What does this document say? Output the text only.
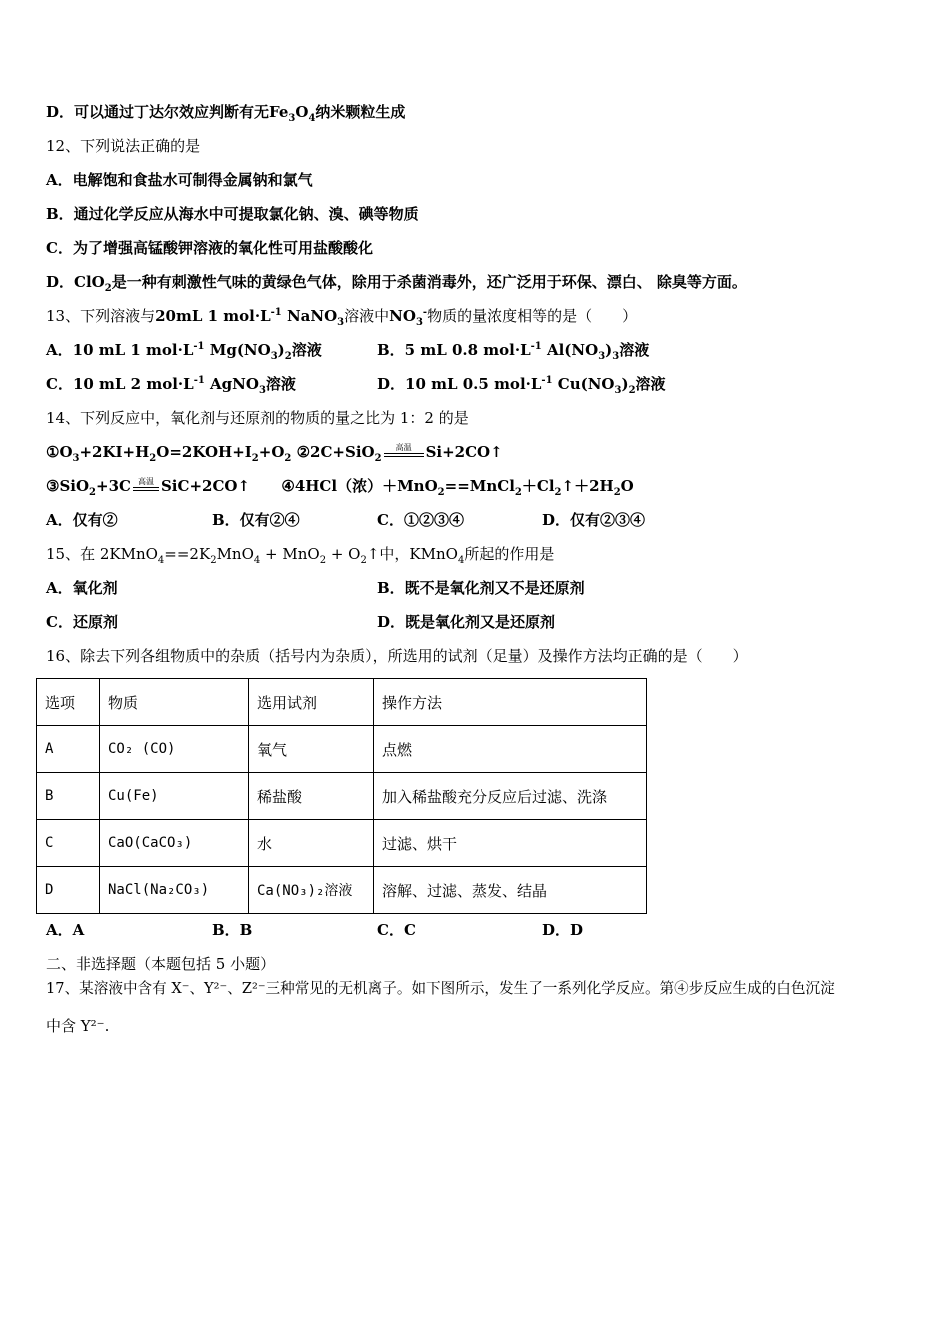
D．可以通过丁达尔效应判断有无$Fe_3O_4$纳米颗粒生成
12、下列说法正确的是
A．电解饱和食盐水可制得金属钠和氯气
B．通过化学反应从海水中可提取氯化钠、溴、碘等物质
C．为了增强高锰酸钾溶液的氧化性可用盐酸酸化
D．ClO$_2$是一种有刺激性气味的黄绿色气体，除用于杀菌消毒外，还广泛用于环保、漂白、 除臭等方面。
13、下列溶液与20mL 1 $mol\cdot L^{-1}$ NaNO$_3$溶液中$NO_3^-$物质的量浓度相等的是（　　）
A．10 mL 1 $mol\cdot L^{-1}$ $Mg(NO_3)_2$溶液	B．5 mL 0.8 $mol\cdot L^{-1}$ $Al(NO_3)_3$溶液
C．10 mL 2 $mol\cdot L^{-1}$ AgNO$_3$溶液	D．10 mL 0.5 $mol\cdot L^{-1}$ $Cu(NO_3)_2$溶液
14、下列反应中，氧化剂与还原剂的物质的量之比为 1：2 的是
$①O_3+2KI+H_2O=2KOH+I_2+O_2$ ②2C+SiO$_2$
高温 Si+2CO↑
③SiO$_2$+3C 高温 SiC+2CO↑ ④4HCl（浓）$+MnO_2==MnCl_2+Cl_2↑+2H_2O$
A．仅有②	B．仅有②④	C．①②③④	D．仅有②③④
15、在 $2KMnO_4==2K_2MnO_4 + MnO_2$ + $O_2↑$中，KMnO$_4$所起的作用是
A．氧化剂	B．既不是氧化剂又不是还原剂
C．还原剂	D．既是氧化剂又是还原剂
16、除去下列各组物质中的杂质（括号内为杂质），所选用的试剂（足量）及操作方法均正确的是（　　）
选项	物质	选用试剂	操作方法
A	CO₂ (CO)	氧气	点燃
B	Cu(Fe)	稀盐酸	加入稀盐酸充分反应后过滤、洗涤
C	CaO(CaCO₃)	水	过滤、烘干
D	NaCl(Na₂CO₃)	Ca(NO₃)₂溶液	溶解、过滤、蒸发、结晶
A．A	B．B	C．C	D．D
二、非选择题（本题包括 5 小题）
17、某溶液中含有 X⁻、Y²⁻、Z²⁻三种常见的无机离子。如下图所示，发生了一系列化学反应。第④步反应生成的白色沉淀
中含 Y²⁻.
